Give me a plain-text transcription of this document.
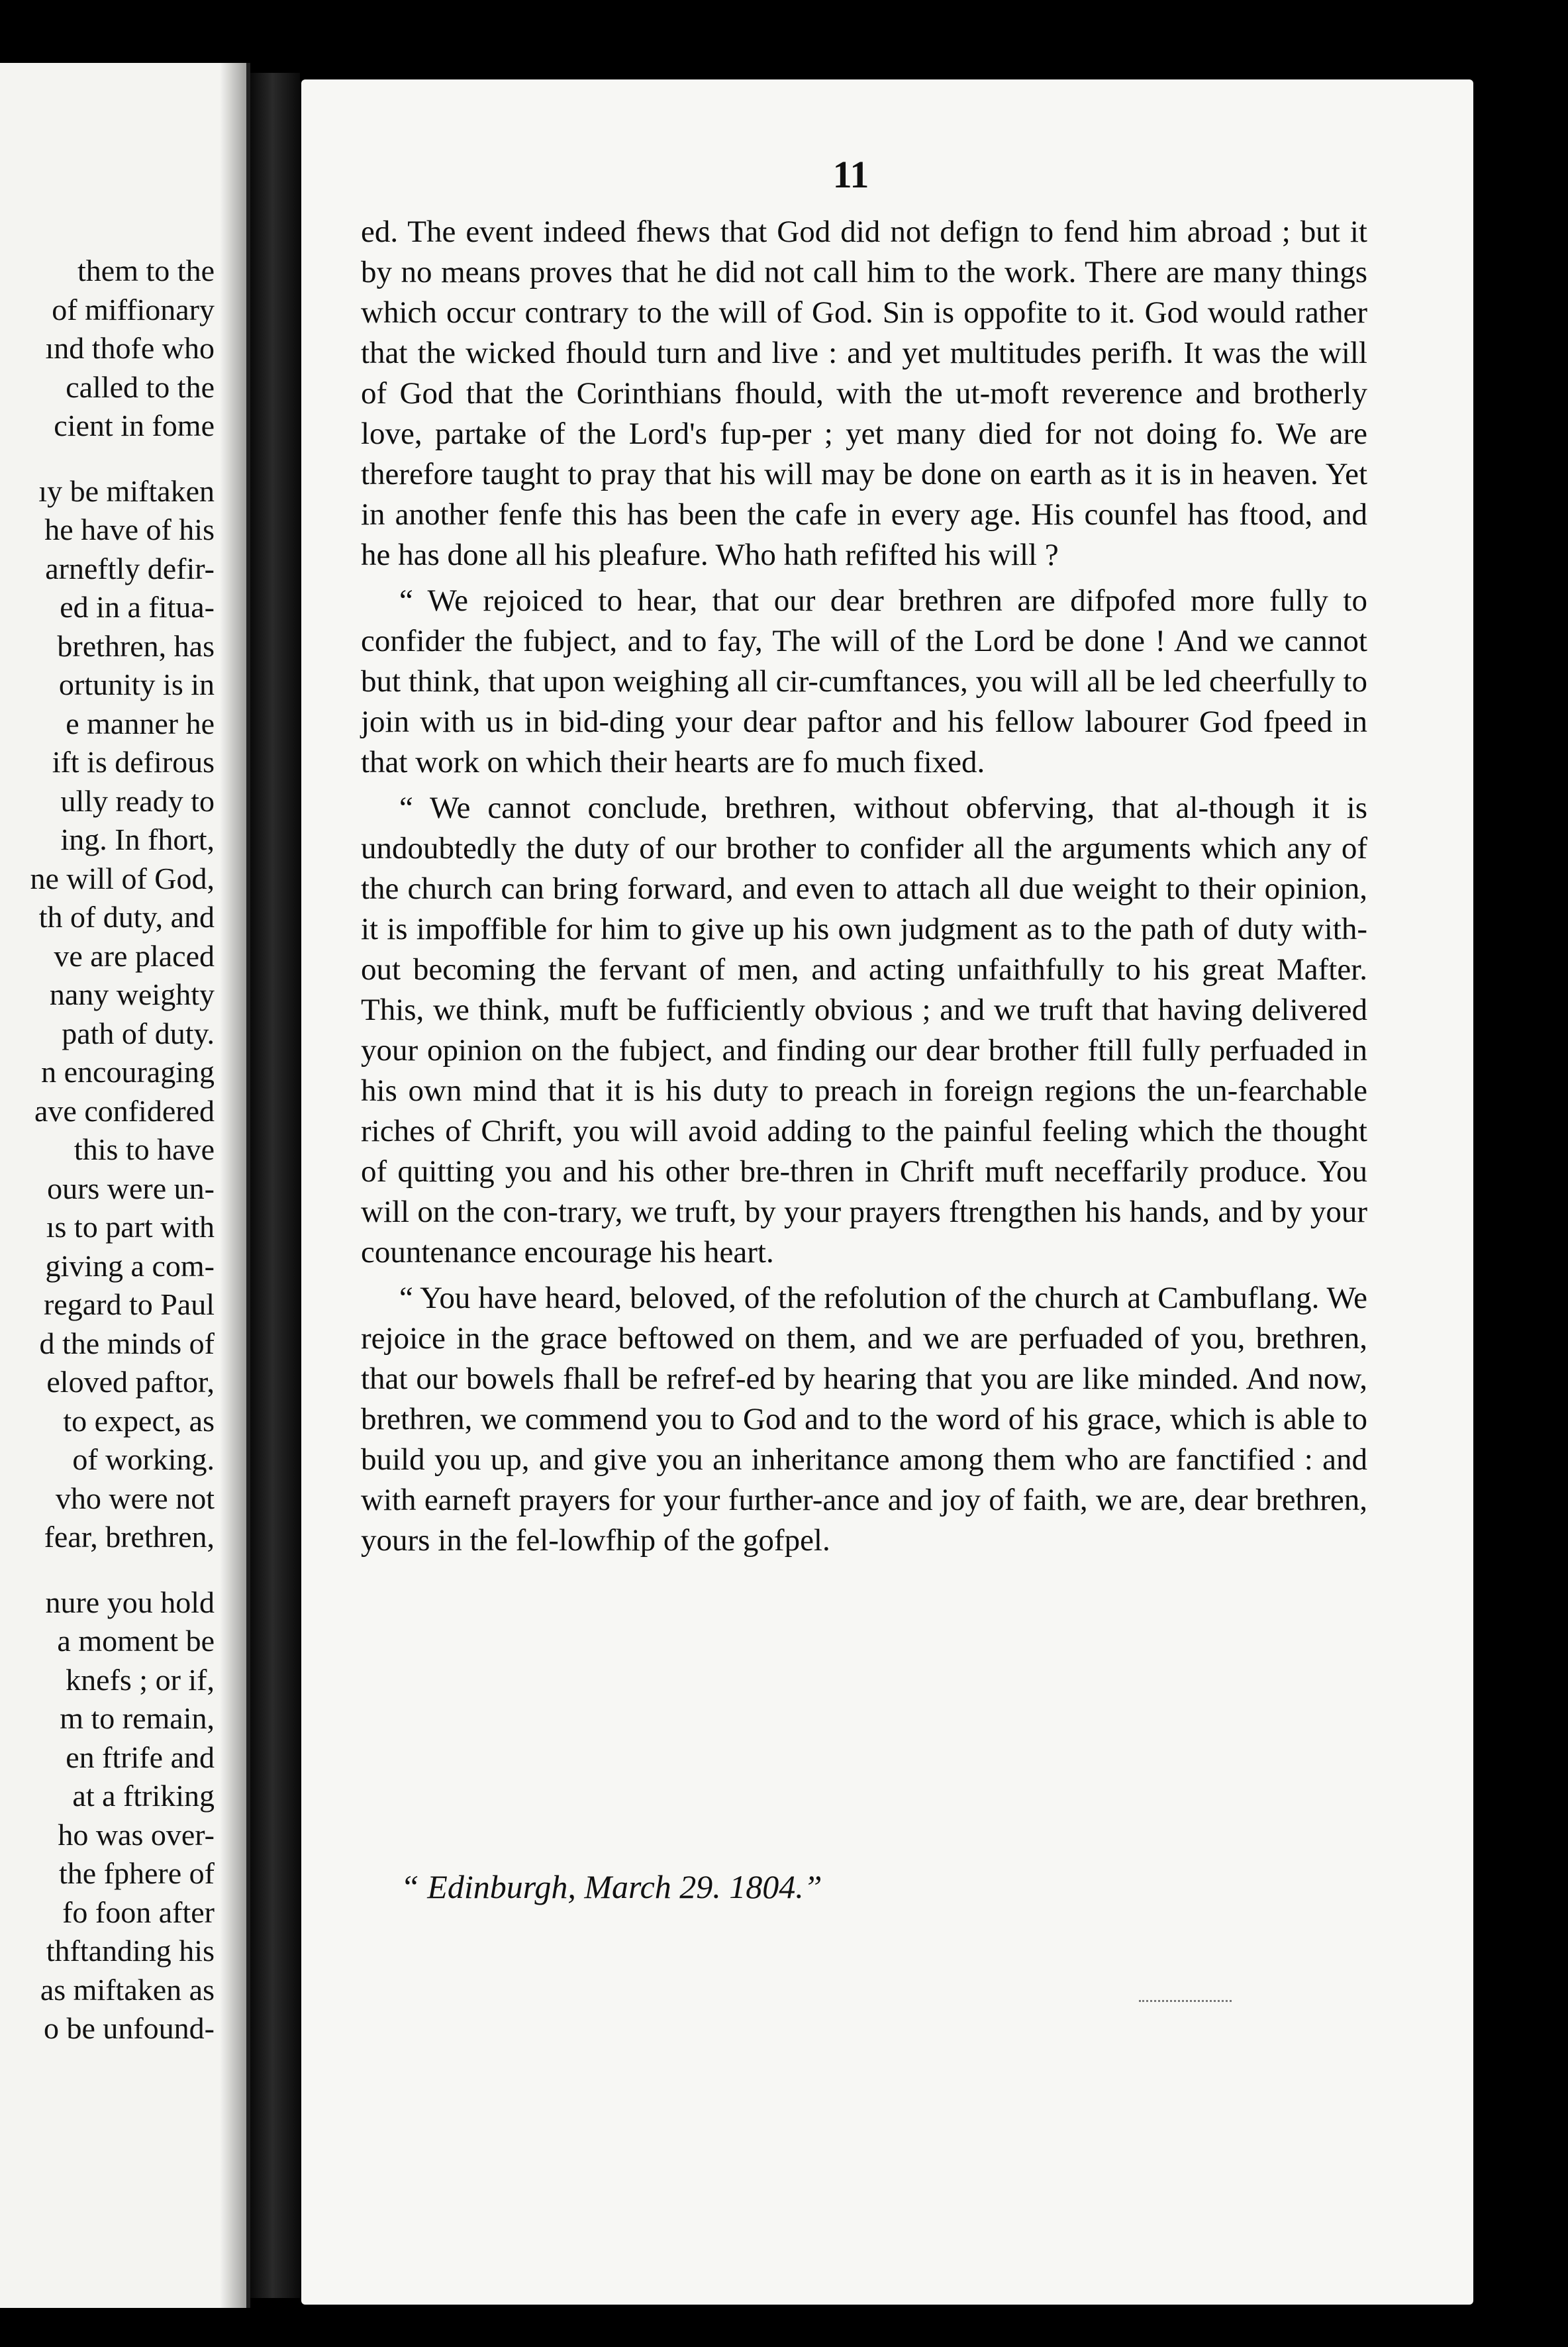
them to the
of miffionary
ınd thofe who
called to the
cient in fome
ıy be miftaken
he have of his
arneftly defir-
ed in a fitua-
brethren, has
ortunity is in
e manner he
ift is defirous
ully ready to
ing. In fhort,
ne will of God,
th of duty, and
ve are placed
nany weighty
path of duty.
n encouraging
ave confidered
this to have
ours were un-
ıs to part with
giving a com-
regard to Paul
d the minds of
eloved paftor,
to expect, as
of working.
vho were not
fear, brethren,
nure you hold
a moment be
knefs ; or if,
m to remain,
en ftrife and
at a ftriking
ho was over-
the fphere of
fo foon after
thftanding his
as miftaken as
o be unfound-
11

ed. The event indeed fhews that God did not defign to fend him abroad ; but it by no means proves that he did not call him to the work. There are many things which occur contrary to the will of God. Sin is oppofite to it. God would rather that the wicked fhould turn and live : and yet multitudes perifh. It was the will of God that the Corinthians fhould, with the ut-moft reverence and brotherly love, partake of the Lord's fup-per ; yet many died for not doing fo. We are therefore taught to pray that his will may be done on earth as it is in heaven. Yet in another fenfe this has been the cafe in every age. His counfel has ftood, and he has done all his pleafure. Who hath refifted his will ?

“ We rejoiced to hear, that our dear brethren are difpofed more fully to confider the fubject, and to fay, The will of the Lord be done ! And we cannot but think, that upon weighing all cir-cumftances, you will all be led cheerfully to join with us in bid-ding your dear paftor and his fellow labourer God fpeed in that work on which their hearts are fo much fixed.

“ We cannot conclude, brethren, without obferving, that al-though it is undoubtedly the duty of our brother to confider all the arguments which any of the church can bring forward, and even to attach all due weight to their opinion, it is impoffible for him to give up his own judgment as to the path of duty with-out becoming the fervant of men, and acting unfaithfully to his great Mafter. This, we think, muft be fufficiently obvious ; and we truft that having delivered your opinion on the fubject, and finding our dear brother ftill fully perfuaded in his own mind that it is his duty to preach in foreign regions the un-fearchable riches of Chrift, you will avoid adding to the painful feeling which the thought of quitting you and his other bre-thren in Chrift muft neceffarily produce. You will on the con-trary, we truft, by your prayers ftrengthen his hands, and by your countenance encourage his heart.

“ You have heard, beloved, of the refolution of the church at Cambuflang. We rejoice in the grace beftowed on them, and we are perfuaded of you, brethren, that our bowels fhall be refref-ed by hearing that you are like minded. And now, brethren, we commend you to God and to the word of his grace, which is able to build you up, and give you an inheritance among them who are fanctified : and with earneft prayers for your further-ance and joy of faith, we are, dear brethren, yours in the fel-lowfhip of the gofpel.

“ Edinburgh, March 29. 1804.”
